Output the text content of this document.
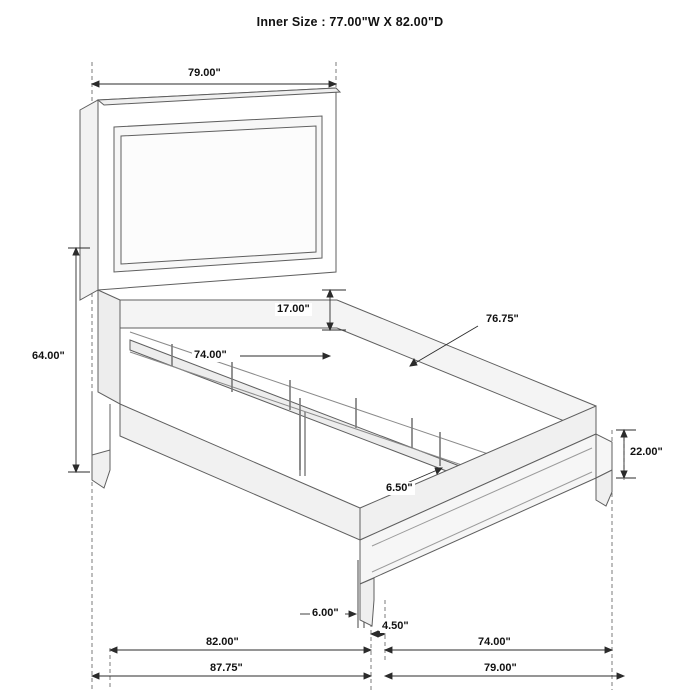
Inner Size : 77.00"W X 82.00"D
79.00"
64.00"
17.00"
74.00"
76.75"
22.00"
6.50"
6.00"
4.50"
82.00"	74.00"
87.75"	79.00"
